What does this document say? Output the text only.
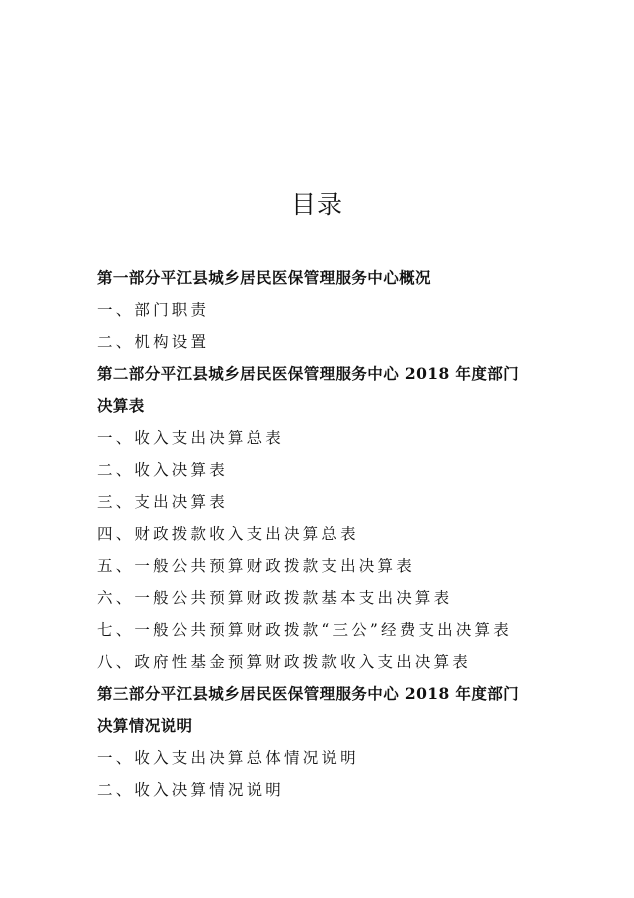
目录
第一部分平江县城乡居民医保管理服务中心概况
一、部门职责
二、机构设置
第二部分平江县城乡居民医保管理服务中心 2018 年度部门
决算表
一、收入支出决算总表
二、收入决算表
三、支出决算表
四、财政拨款收入支出决算总表
五、一般公共预算财政拨款支出决算表
六、一般公共预算财政拨款基本支出决算表
七、一般公共预算财政拨款“三公”经费支出决算表
八、政府性基金预算财政拨款收入支出决算表
第三部分平江县城乡居民医保管理服务中心 2018 年度部门
决算情况说明
一、收入支出决算总体情况说明
二、收入决算情况说明
